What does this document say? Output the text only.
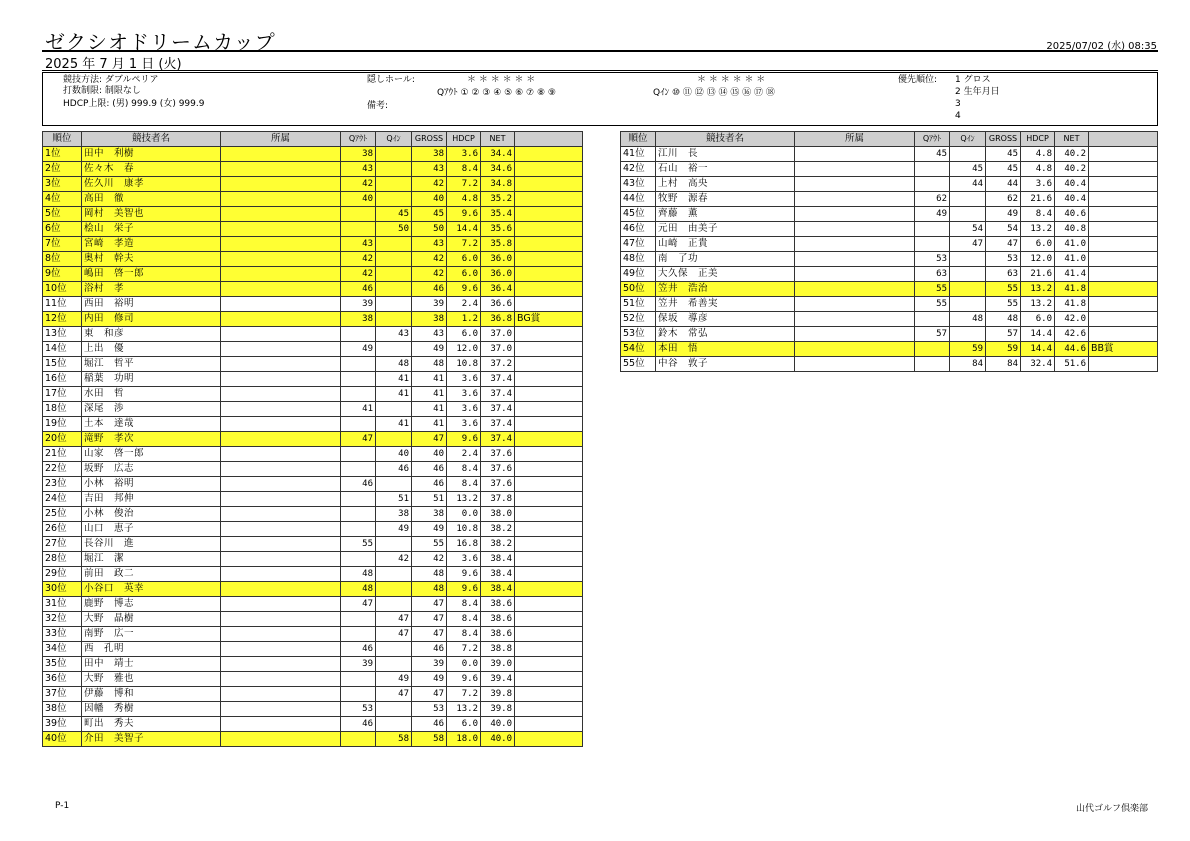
ゼクシオドリームカップ	2025/07/02 (水) 08:35
2025 年 7 月 1 日 (火)
競技方法: ダブルペリア
打数制限: 制限なし
HDCP上限: (男) 999.9 (女) 999.9
隠しホール:	＊ ＊ ＊ ＊ ＊ ＊
Qｱｳﾄ ① ② ③ ④ ⑤ ⑥ ⑦ ⑧ ⑨
＊ ＊ ＊ ＊ ＊ ＊
Qｲﾝ ⑩ ⑪ ⑫ ⑬ ⑭ ⑮ ⑯ ⑰ ⑱
備考:
優先順位: 1 グロス
2 生年月日
3
4
順位	競技者名	所属	Qｱｳﾄ	Qｲﾝ	GROSS	HDCP	NET	
1位	田中　利樹		38		38	3.6	34.4	
2位	佐々木　春		43		43	8.4	34.6	
3位	佐久川　康孝		42		42	7.2	34.8	
4位	高田　徹		40		40	4.8	35.2	
5位	岡村　美智也			45	45	9.6	35.4	
6位	桧山　栄子			50	50	14.4	35.6	
7位	宮崎　孝造		43		43	7.2	35.8	
8位	奥村　幹夫		42		42	6.0	36.0	
9位	嶋田　啓一郎		42		42	6.0	36.0	
10位	浴村　孝		46		46	9.6	36.4	
11位	西田　裕明		39		39	2.4	36.6	
12位	内田　修司		38		38	1.2	36.8	BG賞
13位	東　和彦			43	43	6.0	37.0	
14位	上出　優		49		49	12.0	37.0	
15位	堀江　哲平			48	48	10.8	37.2	
16位	稲葉　功明			41	41	3.6	37.4	
17位	水田　哲			41	41	3.6	37.4	
18位	深尾　渉		41		41	3.6	37.4	
19位	土本　達哉			41	41	3.6	37.4	
20位	滝野　孝次		47		47	9.6	37.4	
21位	山家　啓一郎			40	40	2.4	37.6	
22位	坂野　広志			46	46	8.4	37.6	
23位	小林　裕明		46		46	8.4	37.6	
24位	吉田　邦伸			51	51	13.2	37.8	
25位	小林　俊治			38	38	0.0	38.0	
26位	山口　恵子			49	49	10.8	38.2	
27位	長谷川　進		55		55	16.8	38.2	
28位	堀江　潔			42	42	3.6	38.4	
29位	前田　政二		48		48	9.6	38.4	
30位	小谷口　英幸		48		48	9.6	38.4	
31位	鹿野　博志		47		47	8.4	38.6	
32位	大野　晶樹			47	47	8.4	38.6	
33位	南野　広一			47	47	8.4	38.6	
34位	西　孔明		46		46	7.2	38.8	
35位	田中　靖士		39		39	0.0	39.0	
36位	大野　雅也			49	49	9.6	39.4	
37位	伊藤　博和			47	47	7.2	39.8	
38位	因幡　秀樹		53		53	13.2	39.8	
39位	町出　秀夫		46		46	6.0	40.0	
40位	介田　美智子			58	58	18.0	40.0	
順位	競技者名	所属	Qｱｳﾄ	Qｲﾝ	GROSS	HDCP	NET	
41位	江川　長		45		45	4.8	40.2	
42位	石山　裕一			45	45	4.8	40.2	
43位	上村　高央			44	44	3.6	40.4	
44位	牧野　源春		62		62	21.6	40.4	
45位	齊藤　薫		49		49	8.4	40.6	
46位	元田　由美子			54	54	13.2	40.8	
47位	山崎　正貴			47	47	6.0	41.0	
48位	南　了功		53		53	12.0	41.0	
49位	大久保　正美		63		63	21.6	41.4	
50位	笠井　浩治		55		55	13.2	41.8	
51位	笠井　希善実		55		55	13.2	41.8	
52位	保坂　導彦			48	48	6.0	42.0	
53位	鈴木　常弘		57		57	14.4	42.6	
54位	本田　悟			59	59	14.4	44.6	BB賞
55位	中谷　敦子			84	84	32.4	51.6	
P-1	山代ゴルフ倶楽部
